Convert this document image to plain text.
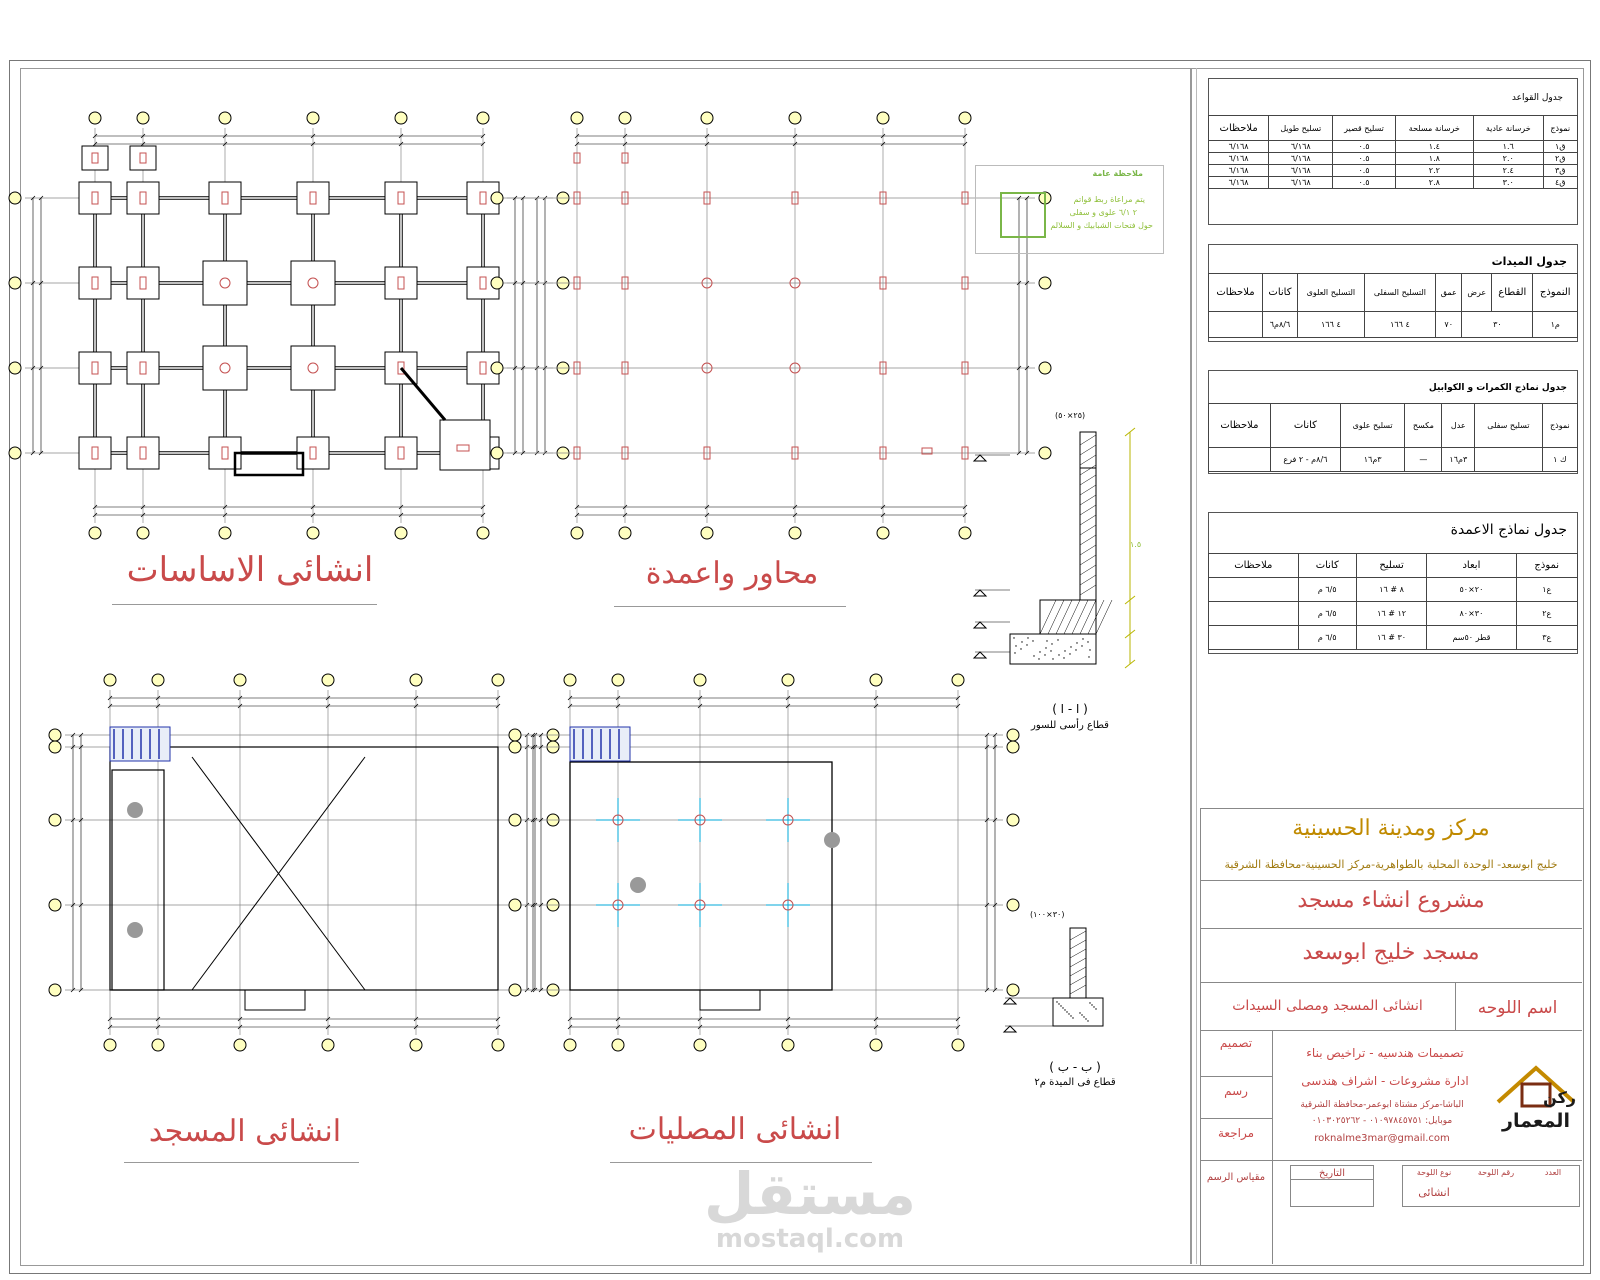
انشائى الاساسات	محاور واعمدة
انشائى المسجد	انشائى المصليات
ملاحظة عامة
يتم مراعاة ربط قواتم
٢ ٦/١ علوى و سفلى
حول فتحات الشبابيك و السلالم
( ا - ا )
قطاع رأسى للسور
(٢٥×٥٠)
١.٥
( ب - ب )
قطاع فى الميدة م٢
(٣٠×١٠٠)
جدول القواعد
نموذج	خرسانة عادية	خرسانة مسلحة	تسليح قصير	تسليح طويل	ملاحظات
ق١	١.٦	١.٤	٠.٥	٦/١٦٨	٦/١٦٨
ق٢	٢.٠	١.٨	٠.٥	٦/١٦٨	٦/١٦٨
ق٣	٢.٤	٢.٢	٠.٥	٦/١٦٨	٦/١٦٨
ق٤	٣.٠	٢.٨	٠.٥	٦/١٦٨	٦/١٦٨
جدول الميدات
النموذج	القطاع	عرض	عمق	التسليح السفلى	التسليح العلوى	كانات	ملاحظات
م١	٣٠		٧٠	٤ ١٦٦	٤ ١٦٦	٨/٦م٦	
جدول نماذج الكمرات و الكوابيل
نموذج	تسليح سفلى	عدل	مكسح	تسليح علوى	كانات	ملاحظات
ك ١		٣م١٦	—	٣م١٦	٨/٦م - ٢ فرع	
جدول نماذج الاعمدة
نموذج	ابعاد	تسليح	كانات	ملاحظات
ع١	٢٠×٥٠	٨ # ١٦	٦/٥ م	
ع٢	٣٠×٨٠	١٢ # ١٦	٦/٥ م	
ع٣	قطر ٥٠سم	٣٠ # ١٦	٦/٥ م	
مركز ومدينة الحسينية
خليج ابوسعد- الوحدة المحلية بالطواهرية-مركز الحسينية-محافظة الشرقية
مشروع انشاء مسجد
مسجد خليج ابوسعد
اسم اللوحه
انشائى المسجد ومصلى السيدات
تصميم
رسم
مراجعة
تصميمات هندسيه - تراخيص بناء
ادارة مشروعات - اشراف هندسى
الباشا-مركز مشتاة ابوعمر-محافظة الشرقية
موبايل: ٠١٠٩٧٨٤٥٧٥١ - ٠١٠٣٠٢٥٢٦٢
roknalme3mar@gmail.com
ركن
المعمار
مقياس الرسم	التاريخ	نوع اللوحة	رقم اللوحة	العدد
انشائى
مستقل
mostaql.com
